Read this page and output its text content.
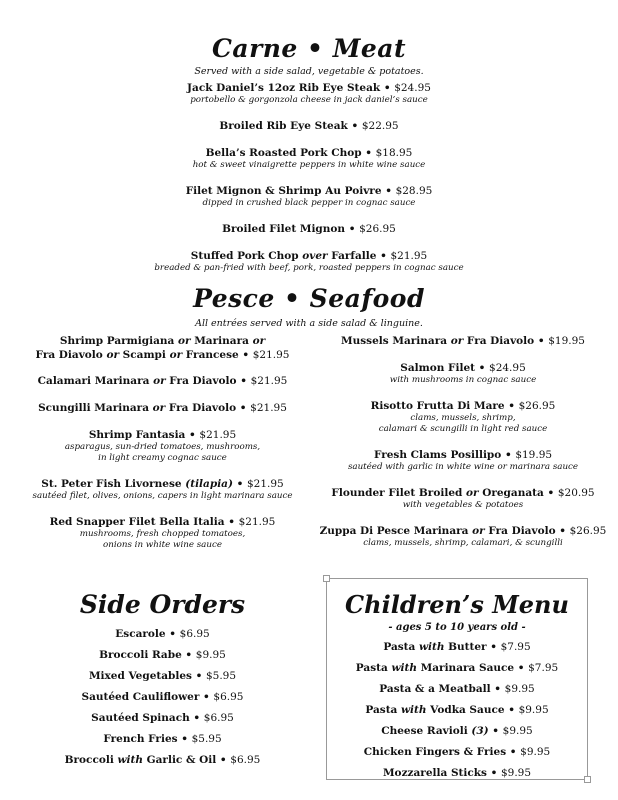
Carne • Meat
Served with a side salad, vegetable & potatoes.
Jack Daniel’s 12oz Rib Eye Steak • $24.95
portobello & gorgonzola cheese in jack daniel’s sauce
Broiled Rib Eye Steak • $22.95
Bella’s Roasted Pork Chop • $18.95
hot & sweet vinaigrette peppers in white wine sauce
Filet Mignon & Shrimp Au Poivre • $28.95
dipped in crushed black pepper in cognac sauce
Broiled Filet Mignon • $26.95
Stuffed Pork Chop over Farfalle • $21.95
breaded & pan-fried with beef, pork, roasted peppers in cognac sauce
Pesce • Seafood
All entrées served with a side salad & linguine.
Shrimp Parmigiana or Marinara or
Fra Diavolo or Scampi or Francese • $21.95
Calamari Marinara or Fra Diavolo • $21.95
Scungilli Marinara or Fra Diavolo • $21.95
Shrimp Fantasia • $21.95
asparagus, sun-dried tomatoes, mushrooms,
in light creamy cognac sauce
St. Peter Fish Livornese (tilapia) • $21.95
sautéed filet, olives, onions, capers in light marinara sauce
Red Snapper Filet Bella Italia • $21.95
mushrooms, fresh chopped tomatoes,
onions in white wine sauce
Mussels Marinara or Fra Diavolo • $19.95
Salmon Filet • $24.95
with mushrooms in cognac sauce
Risotto Frutta Di Mare • $26.95
clams, mussels, shrimp,
calamari & scungilli in light red sauce
Fresh Clams Posillipo • $19.95
sautéed with garlic in white wine or marinara sauce
Flounder Filet Broiled or Oreganata • $20.95
with vegetables & potatoes
Zuppa Di Pesce Marinara or Fra Diavolo • $26.95
clams, mussels, shrimp, calamari, & scungilli
Side Orders
Escarole • $6.95
Broccoli Rabe • $9.95
Mixed Vegetables • $5.95
Sautéed Cauliflower • $6.95
Sautéed Spinach • $6.95
French Fries • $5.95
Broccoli with Garlic & Oil • $6.95
Children’s Menu
- ages 5 to 10 years old -
Pasta with Butter • $7.95
Pasta with Marinara Sauce • $7.95
Pasta & a Meatball • $9.95
Pasta with Vodka Sauce • $9.95
Cheese Ravioli (3) • $9.95
Chicken Fingers & Fries • $9.95
Mozzarella Sticks • $9.95
